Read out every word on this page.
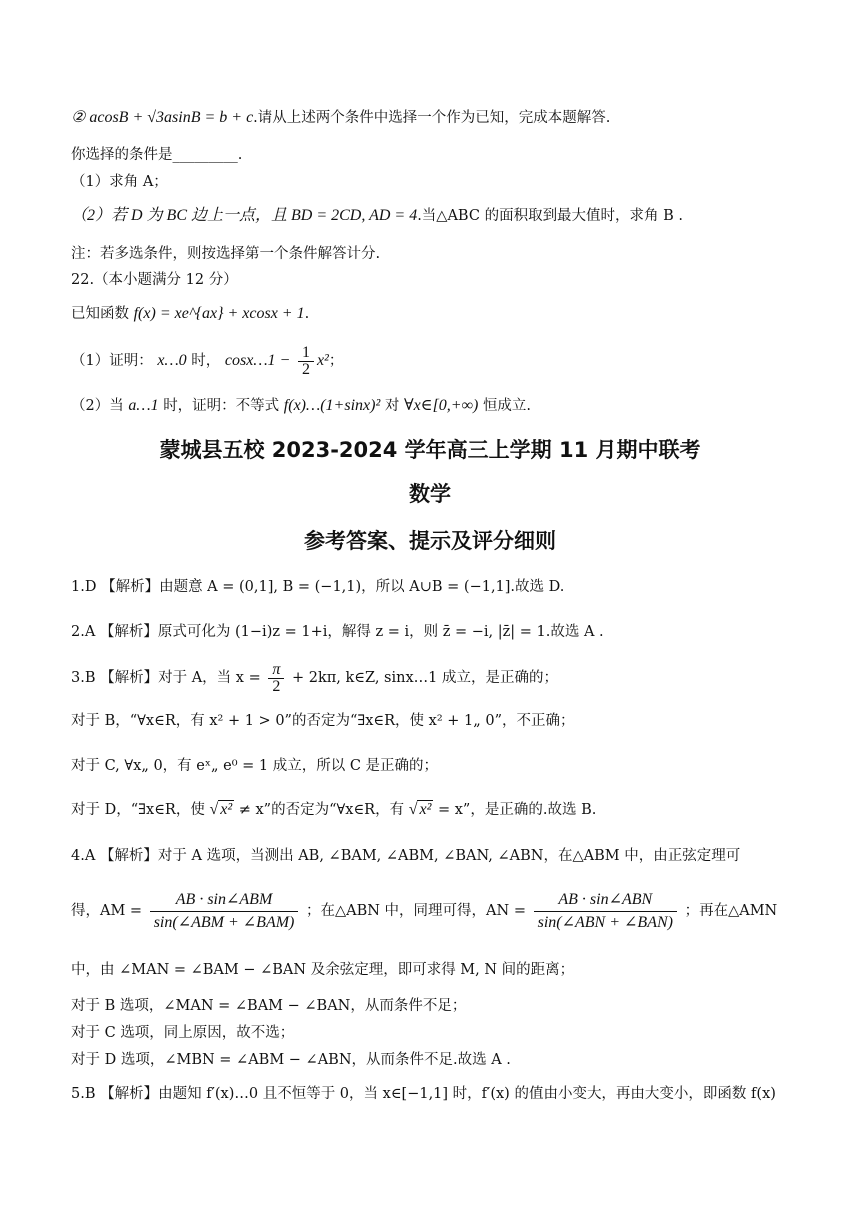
② acosB + √3asinB = b + c.请从上述两个条件中选择一个作为已知，完成本题解答.
你选择的条件是_________.
（1）求角 A；
（2）若 D 为 BC 边上一点，且 BD = 2CD, AD = 4.当△ABC 的面积取到最大值时，求角 B .
注：若多选条件，则按选择第一个条件解答计分.
22.（本小题满分 12 分）
已知函数 f(x) = xe^{ax} + xcosx + 1.
（1）证明： x…0 时， cosx…1 − $\frac{1}{2} x^2$；
（2）当 a…1 时，证明：不等式 f(x)…(1+sinx)² 对 ∀x∈[0,+∞) 恒成立.
蒙城县五校 2023-2024 学年高三上学期 11 月期中联考
数学
参考答案、提示及评分细则
1.D 【解析】由题意 A = (0,1], B = (−1,1)，所以 A∪B = (−1,1].故选 D.
2.A 【解析】原式可化为 (1−i)z = 1+i，解得 z = i，则 z̄ = −i, |z̄| = 1.故选 A .
3.B 【解析】对于 A，当 $x = \frac{\pi}{2} + 2k\pi$, k∈Z, sinx…1 成立，是正确的；
对于 B，“∀x∈R，有 x² + 1 > 0”的否定为“∃x∈R，使 x² + 1„ 0”，不正确；
对于 C, ∀x„ 0，有 eˣ„ e⁰ = 1 成立，所以 C 是正确的；
对于 D，“∃x∈R，使 √ x² ≠ x”的否定为“∀x∈R，有 √ x² = x”，是正确的.故选 B.
4.A 【解析】对于 A 选项，当测出 AB, ∠BAM, ∠ABM, ∠BAN, ∠ABN，在△ABM 中，由正弦定理可
得，AM = $\frac{\text{AB · sin∠ABM}}{\text{sin(∠ABM + ∠BAM)}}$ ；在△ABN 中，同理可得，AN = $\frac{\text{AB · sin∠ABN}}{\text{sin(∠ABN + ∠BAN)}}$ ；再在△AMN
中，由 ∠MAN = ∠BAM − ∠BAN 及余弦定理，即可求得 M, N 间的距离；
对于 B 选项，∠MAN = ∠BAM − ∠BAN，从而条件不足；
对于 C 选项，同上原因，故不选；
对于 D 选项，∠MBN = ∠ABM − ∠ABN，从而条件不足.故选 A .
5.B 【解析】由题知 f′(x)…0 且不恒等于 0，当 x∈[−1,1] 时，f′(x) 的值由小变大，再由大变小，即函数 f(x)
